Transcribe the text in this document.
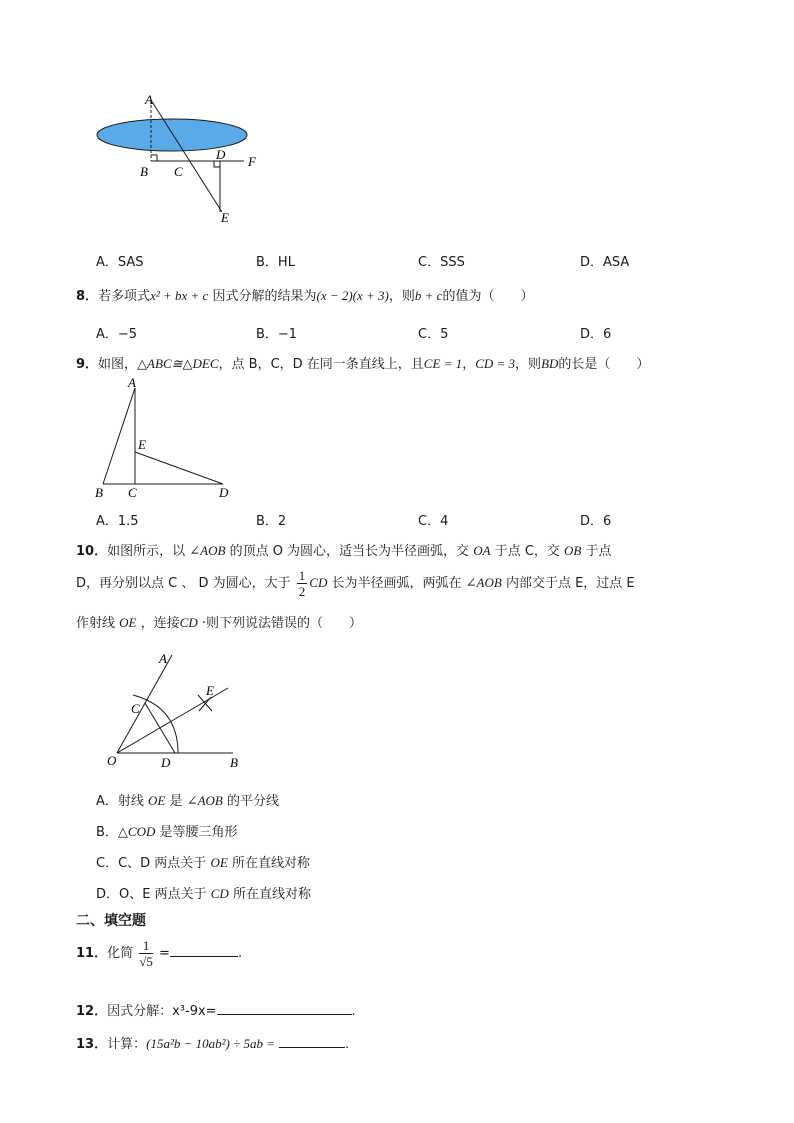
A
B C
D F
E
A．SAS	B．HL	C．SSS	D．ASA
8．若多项式x² + bx + c 因式分解的结果为(x − 2)(x + 3)，则b + c的值为（　　）
A．−5	B．−1	C．5	D．6
9．如图，△ABC≅△DEC，点 B，C，D 在同一条直线上，且CE = 1，CD = 3，则BD的长是（　　）
A
E
B C	D
A．1.5	B．2	C．4	D．6
10．如图所示，以 ∠AOB 的顶点 O 为圆心，适当长为半径画弧，交 OA 于点 C，交 OB 于点
D，再分别以点 C 、 D 为圆心，大于 $\frac{1}{2}$ CD 长为半径画弧，两弧在 ∠AOB 内部交于点 E，过点 E
作射线 OE ，连接CD ·则下列说法错误的（　　）
A
E
C
O	D	B
A．射线 OE 是 ∠AOB 的平分线
B．△COD 是等腰三角形
C．C、D 两点关于 OE 所在直线对称
D．O、E 两点关于 CD 所在直线对称
二、填空题
11．化简 $\frac{1}{√5}$ =	.
12．因式分解：x³-9x=	.
13．计算：(15a²b − 10ab²) ÷ 5ab =	.
